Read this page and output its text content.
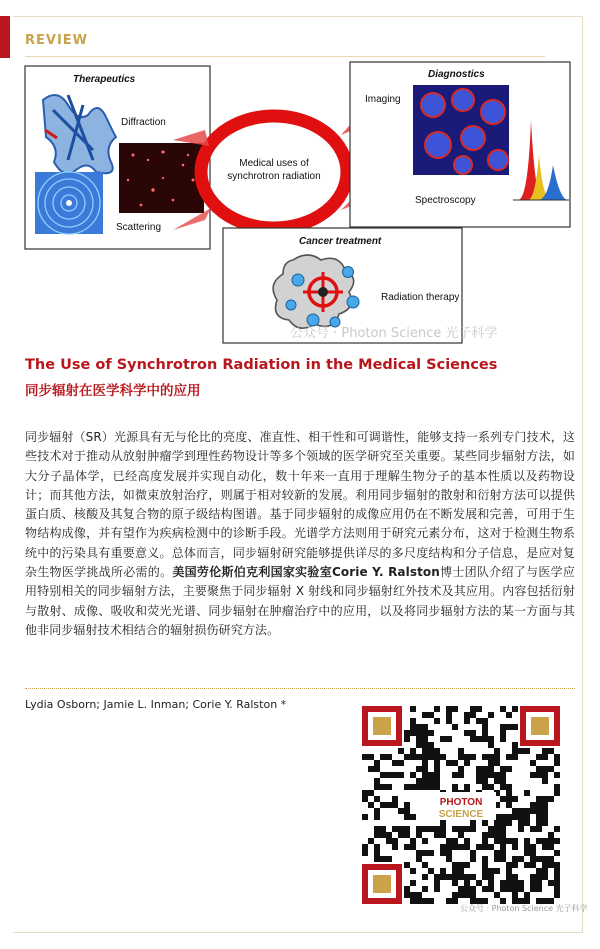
REVIEW
Therapeutics
Diffraction
Scattering
Medical uses of
synchrotron radiation
Diagnostics
Imaging
Spectroscopy
Cancer treatment
Radiation therapy
公众号 · Photon Science 光子科学
The Use of Synchrotron Radiation in the Medical Sciences
同步辐射在医学科学中的应用
同步辐射（SR）光源具有无与伦比的亮度、准直性、相干性和可调谐性，能够支持一系列专门技术，这些技术对于推动从放射肿瘤学到理性药物设计等多个领域的医学研究至关重要。某些同步辐射方法，如大分子晶体学，已经高度发展并实现自动化，数十年来一直用于理解生物分子的基本性质以及药物设计；而其他方法，如微束放射治疗，则属于相对较新的发展。利用同步辐射的散射和衍射方法可以提供蛋白质、核酸及其复合物的原子级结构图谱。基于同步辐射的成像应用仍在不断发展和完善，可用于生物结构成像，并有望作为疾病检测中的诊断手段。光谱学方法则用于研究元素分布，这对于检测生物系统中的污染具有重要意义。总体而言，同步辐射研究能够提供详尽的多尺度结构和分子信息，是应对复杂生物医学挑战所必需的。美国劳伦斯伯克利国家实验室Corie Y. Ralston博士团队介绍了与医学应用特别相关的同步辐射方法，主要聚焦于同步辐射 X 射线和同步辐射红外技术及其应用。内容包括衍射与散射、成像、吸收和荧光光谱、同步辐射在肿瘤治疗中的应用，以及将同步辐射方法的某一方面与其他非同步辐射技术相结合的辐射损伤研究方法。
Lydia Osborn; Jamie L. Inman; Corie Y. Ralston *
PHOTON
SCIENCE
公众号 · Photon Science 光子科学
